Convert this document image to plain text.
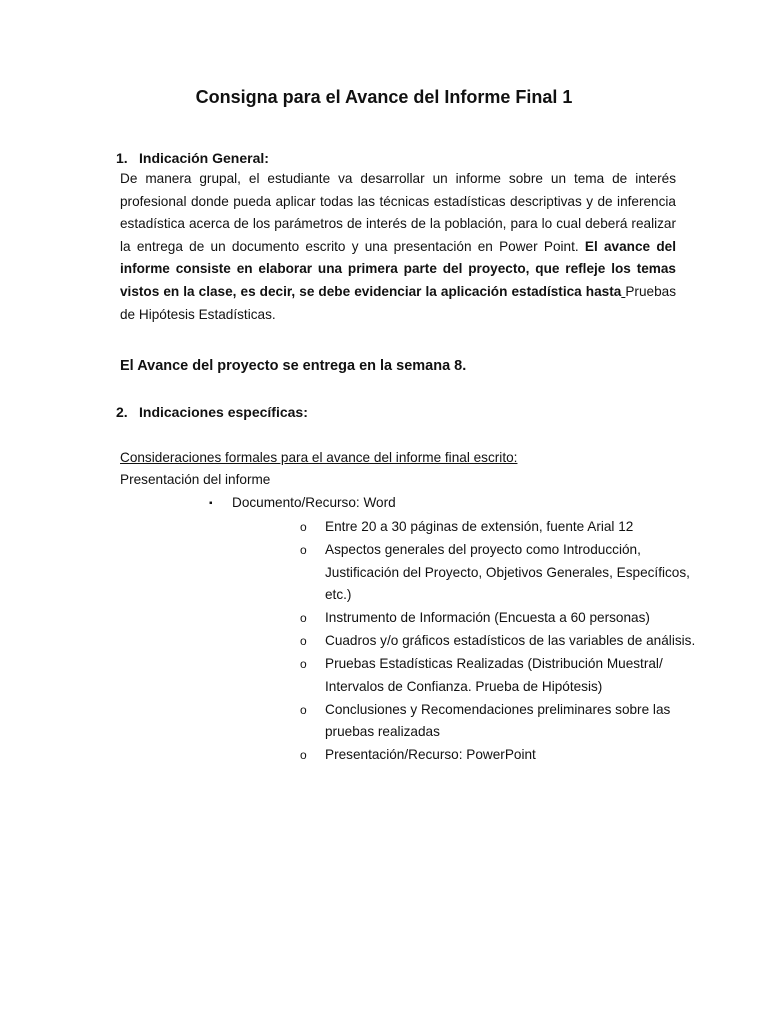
Consigna para el Avance del Informe Final 1
1. Indicación General:
De manera grupal, el estudiante va desarrollar un informe sobre un tema de interés profesional donde pueda aplicar todas las técnicas estadísticas descriptivas y de inferencia estadística acerca de los parámetros de interés de la población, para lo cual deberá realizar la entrega de un documento escrito y una presentación en Power Point. El avance del informe consiste en elaborar una primera parte del proyecto, que refleje los temas vistos en la clase, es decir, se debe evidenciar la aplicación estadística hasta Pruebas de Hipótesis Estadísticas.
El Avance del proyecto se entrega en la semana 8.
2. Indicaciones específicas:
Consideraciones formales para el avance del informe final escrito:
Presentación del informe
▪ Documento/Recurso: Word
o Entre 20 a 30 páginas de extensión, fuente Arial 12
o Aspectos generales del proyecto como Introducción, Justificación del Proyecto, Objetivos Generales, Específicos, etc.)
o Instrumento de Información (Encuesta a 60 personas)
o Cuadros y/o gráficos estadísticos de las variables de análisis.
o Pruebas Estadísticas Realizadas (Distribución Muestral/ Intervalos de Confianza. Prueba de Hipótesis)
o Conclusiones y Recomendaciones preliminares sobre las pruebas realizadas
o Presentación/Recurso: PowerPoint
